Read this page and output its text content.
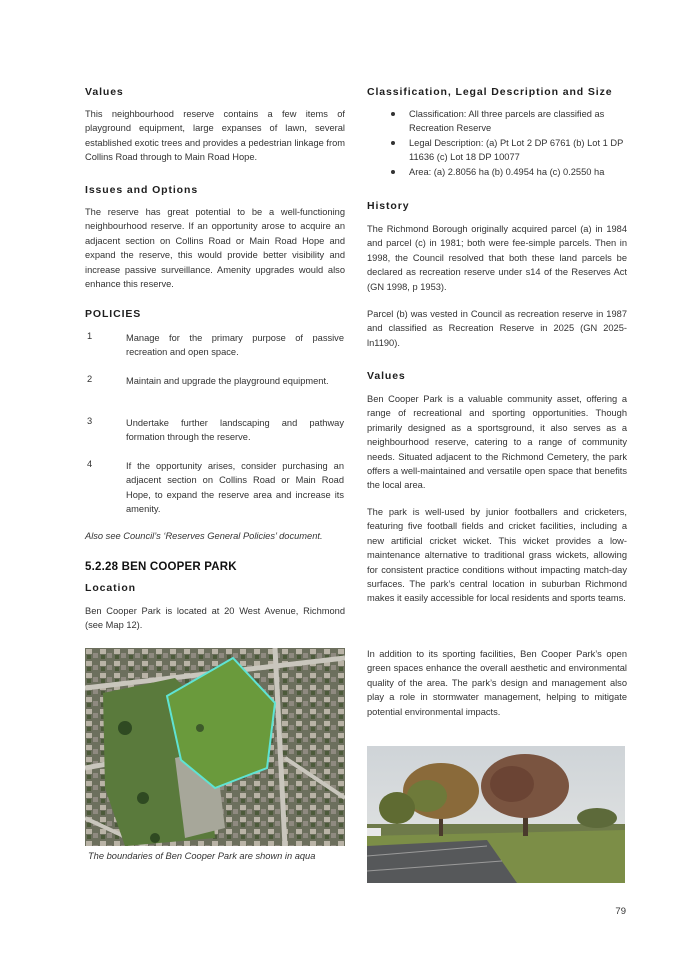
Values

This neighbourhood reserve contains a few items of playground equipment, large expanses of lawn, several established exotic trees and provides a pedestrian linkage from Collins Road through to Main Road Hope.

Issues and Options

The reserve has great potential to be a well-functioning neighbourhood reserve. If an opportunity arose to acquire an adjacent section on Collins Road or Main Road Hope and expand the reserve, this would provide better visibility and increase passive surveillance. Amenity upgrades would also enhance this reserve.

POLICIES
1	Manage for the primary purpose of passive recreation and open space.
2	Maintain and upgrade the playground equipment.
3	Undertake further landscaping and pathway formation through the reserve.
4	If the opportunity arises, consider purchasing an adjacent section on Collins Road or Main Road Hope, to expand the reserve area and increase its amenity.
Also see Council’s ‘Reserves General Policies’ document.
5.2.28 BEN COOPER PARK
Location

Ben Cooper Park is located at 20 West Avenue, Richmond (see Map 12).

The boundaries of Ben Cooper Park are shown in aqua
Classification, Legal Description and Size
Classification: All three parcels are classified as Recreation Reserve
Legal Description: (a) Pt Lot 2 DP 6761 (b) Lot 1 DP 11636 (c) Lot 18 DP 10077
Area: (a) 2.8056 ha (b) 0.4954 ha (c) 0.2550 ha
History

The Richmond Borough originally acquired parcel (a) in 1984 and parcel (c) in 1981; both were fee-simple parcels. Then in 1998, the Council resolved that both these land parcels be declared as recreation reserve under s14 of the Reserves Act (GN 1998, p 1953).

Parcel (b) was vested in Council as recreation reserve in 1987 and classified as Recreation Reserve in 2025 (GN 2025-ln1190).

Values

Ben Cooper Park is a valuable community asset, offering a range of recreational and sporting opportunities. Though primarily designed as a sportsground, it also serves as a neighbourhood reserve, catering to a range of community needs. Situated adjacent to the Richmond Cemetery, the park offers a well-maintained and versatile open space that benefits the local area.

The park is well-used by junior footballers and cricketers, featuring five football fields and cricket facilities, including a new artificial cricket wicket. This wicket provides a low-maintenance alternative to traditional grass wickets, allowing for consistent practice conditions without impacting match-day surfaces. The park’s central location in suburban Richmond makes it easily accessible for local residents and sports teams.

In addition to its sporting facilities, Ben Cooper Park’s open green spaces enhance the overall aesthetic and environmental quality of the area. The park’s design and management also play a role in stormwater management, helping to mitigate potential environmental impacts.

79
